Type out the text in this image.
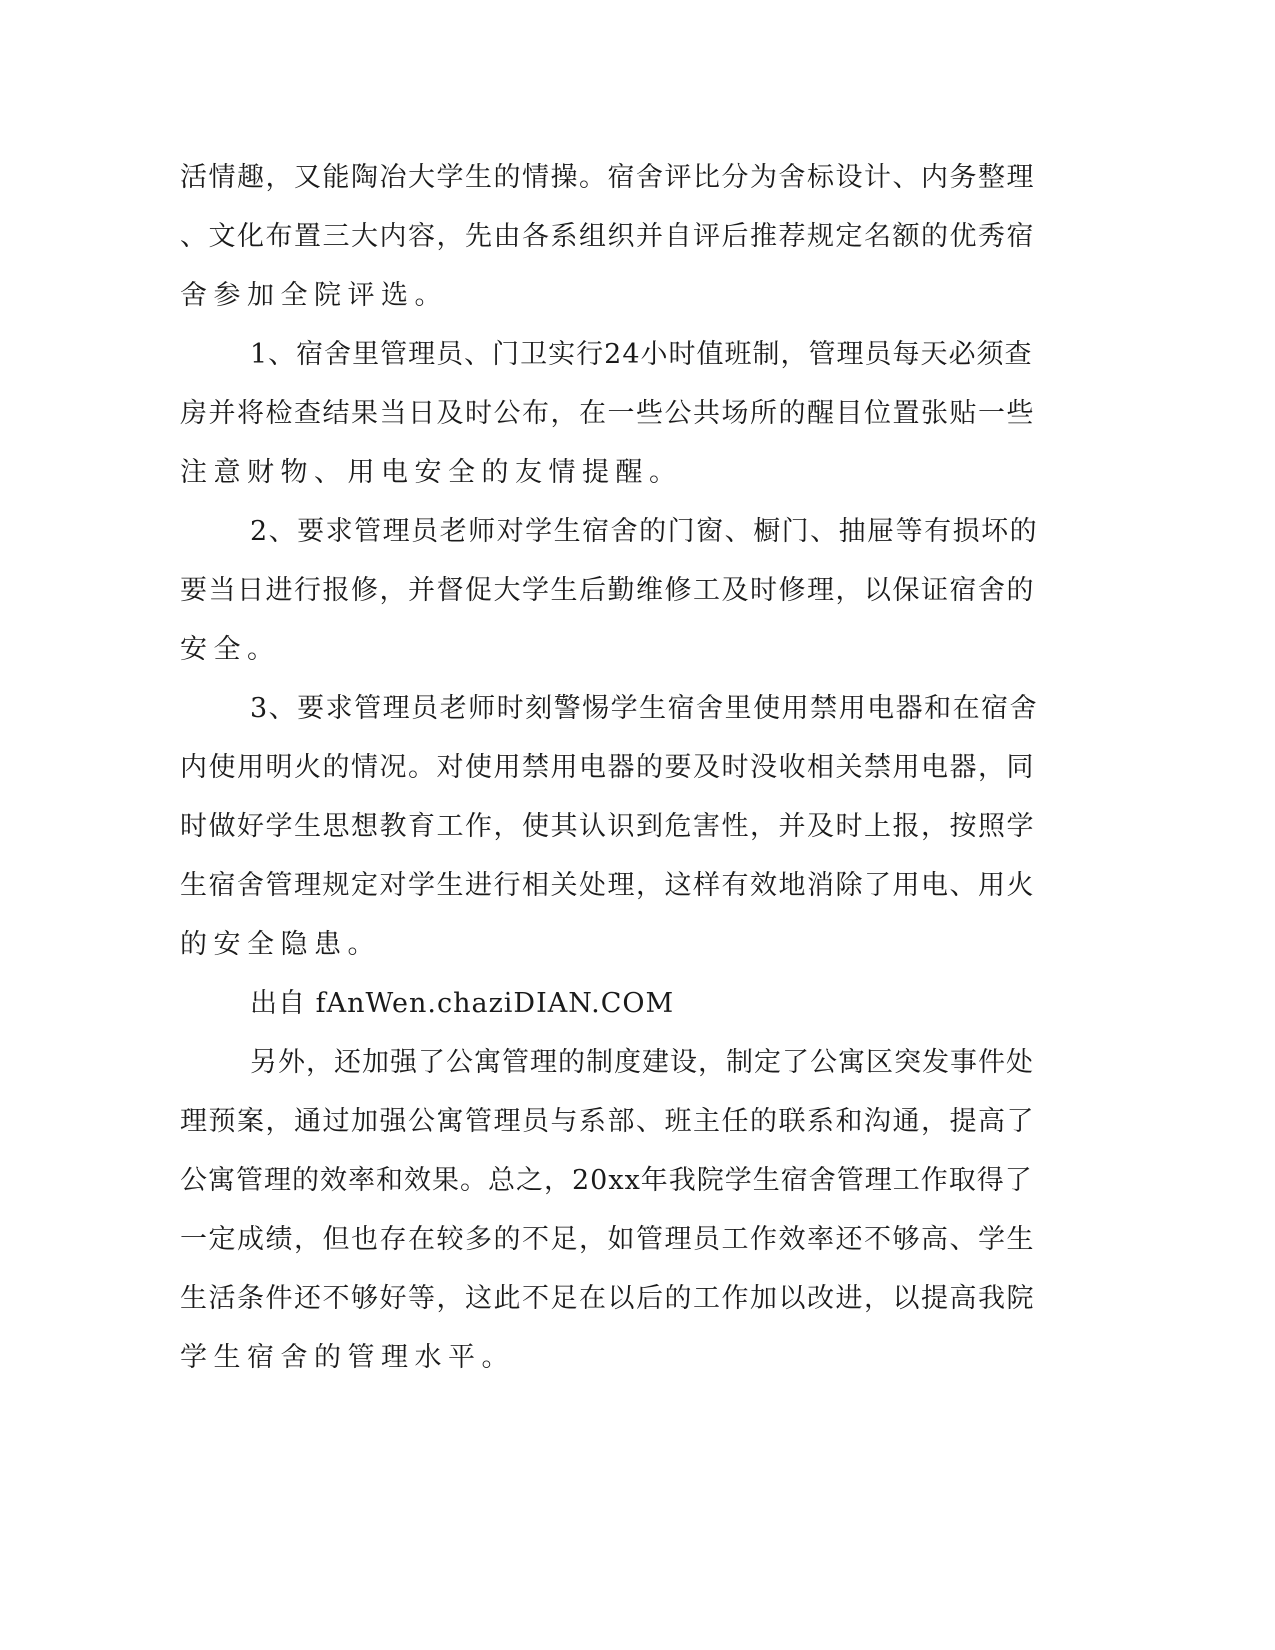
活情趣，又能陶冶大学生的情操。宿舍评比分为舍标设计、内务整理
、文化布置三大内容，先由各系组织并自评后推荐规定名额的优秀宿
舍参加全院评选。

1、宿舍里管理员、门卫实行24小时值班制，管理员每天必须查
房并将检查结果当日及时公布，在一些公共场所的醒目位置张贴一些
注意财物、用电安全的友情提醒。

2、要求管理员老师对学生宿舍的门窗、橱门、抽屉等有损坏的
要当日进行报修，并督促大学生后勤维修工及时修理，以保证宿舍的
安全。

3、要求管理员老师时刻警惕学生宿舍里使用禁用电器和在宿舍
内使用明火的情况。对使用禁用电器的要及时没收相关禁用电器，同
时做好学生思想教育工作，使其认识到危害性，并及时上报，按照学
生宿舍管理规定对学生进行相关处理，这样有效地消除了用电、用火
的安全隐患。

出自 fAnWen.chaziDIAN.COM

另外，还加强了公寓管理的制度建设，制定了公寓区突发事件处
理预案，通过加强公寓管理员与系部、班主任的联系和沟通，提高了
公寓管理的效率和效果。总之，20xx年我院学生宿舍管理工作取得了
一定成绩，但也存在较多的不足，如管理员工作效率还不够高、学生
生活条件还不够好等，这此不足在以后的工作加以改进，以提高我院
学生宿舍的管理水平。
